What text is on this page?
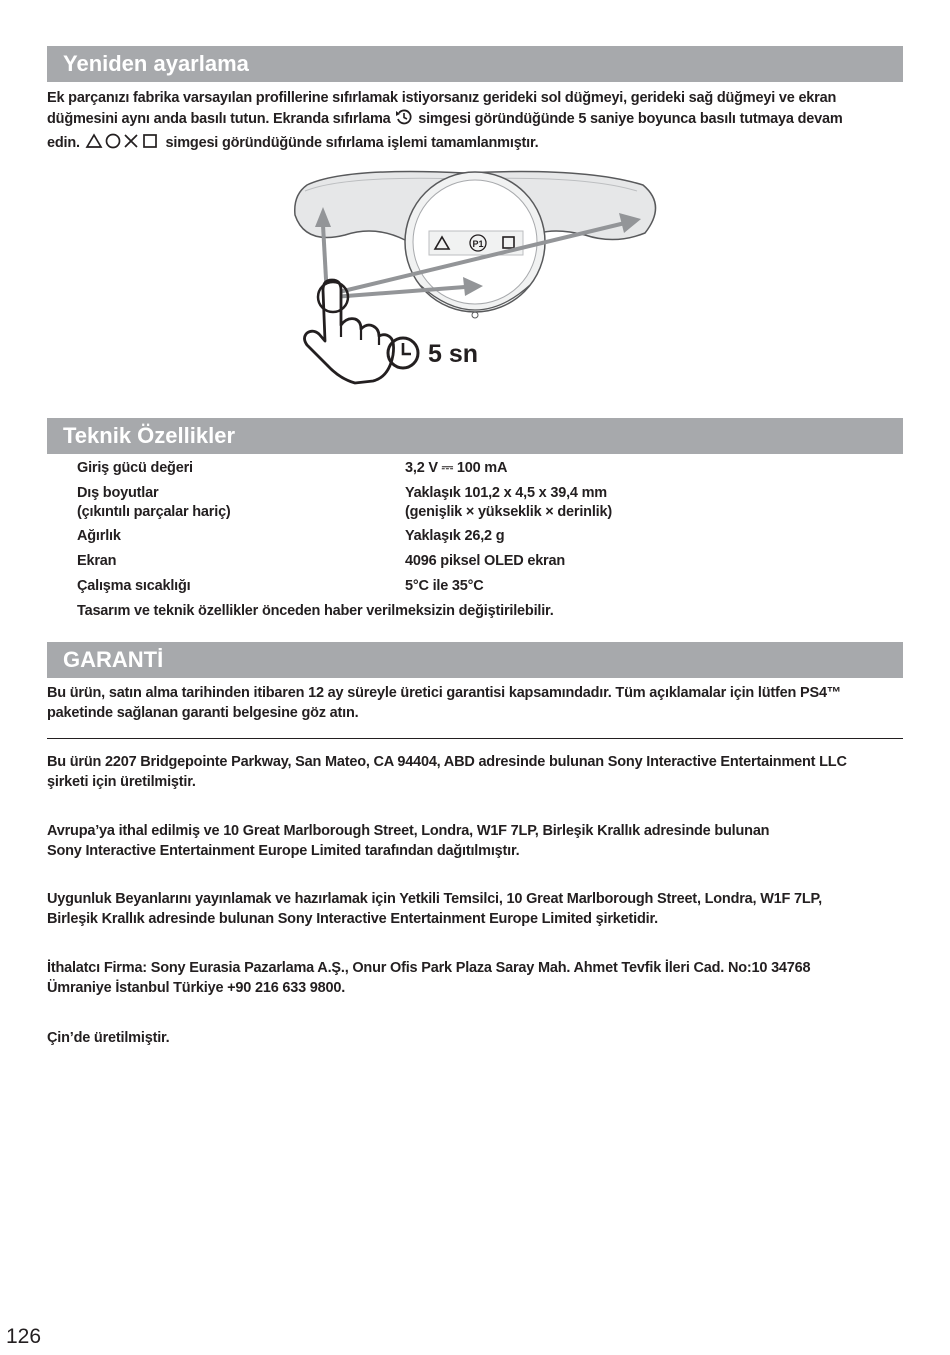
Yeniden ayarlama
Ek parçanızı fabrika varsayılan profillerine sıfırlamak istiyorsanız gerideki sol düğmeyi, gerideki sağ düğmeyi ve ekran
düğmesini aynı anda basılı tutun. Ekranda sıfırlama simgesi göründüğünde 5 saniye boyunca basılı tutmaya devam
edin.	simgesi göründüğünde sıfırlama işlemi tamamlanmıştır.
P1
5 sn
Teknik Özellikler
Giriş gücü değeri	3,2 V ⎓ 100 mA
Dış boyutlar	Yaklaşık 101,2 x 4,5 x 39,4 mm
(çıkıntılı parçalar hariç)	(genişlik × yükseklik × derinlik)
Ağırlık	Yaklaşık 26,2 g
Ekran	4096 piksel OLED ekran
Çalışma sıcaklığı	5°C ile 35°C
Tasarım ve teknik özellikler önceden haber verilmeksizin değiştirilebilir.
GARANTİ
Bu ürün, satın alma tarihinden itibaren 12 ay süreyle üretici garantisi kapsamındadır. Tüm açıklamalar için lütfen PS4™
paketinde sağlanan garanti belgesine göz atın.
Bu ürün 2207 Bridgepointe Parkway, San Mateo, CA 94404, ABD adresinde bulunan Sony Interactive Entertainment LLC
şirketi için üretilmiştir.
Avrupa’ya ithal edilmiş ve 10 Great Marlborough Street, Londra, W1F 7LP, Birleşik Krallık adresinde bulunan
Sony Interactive Entertainment Europe Limited tarafından dağıtılmıştır.
Uygunluk Beyanlarını yayınlamak ve hazırlamak için Yetkili Temsilci, 10 Great Marlborough Street, Londra, W1F 7LP,
Birleşik Krallık adresinde bulunan Sony Interactive Entertainment Europe Limited şirketidir.
İthalatcı Firma: Sony Eurasia Pazarlama A.Ş., Onur Ofis Park Plaza Saray Mah. Ahmet Tevfik İleri Cad. No:10 34768
Ümraniye İstanbul Türkiye +90 216 633 9800.
Çin’de üretilmiştir.
126
